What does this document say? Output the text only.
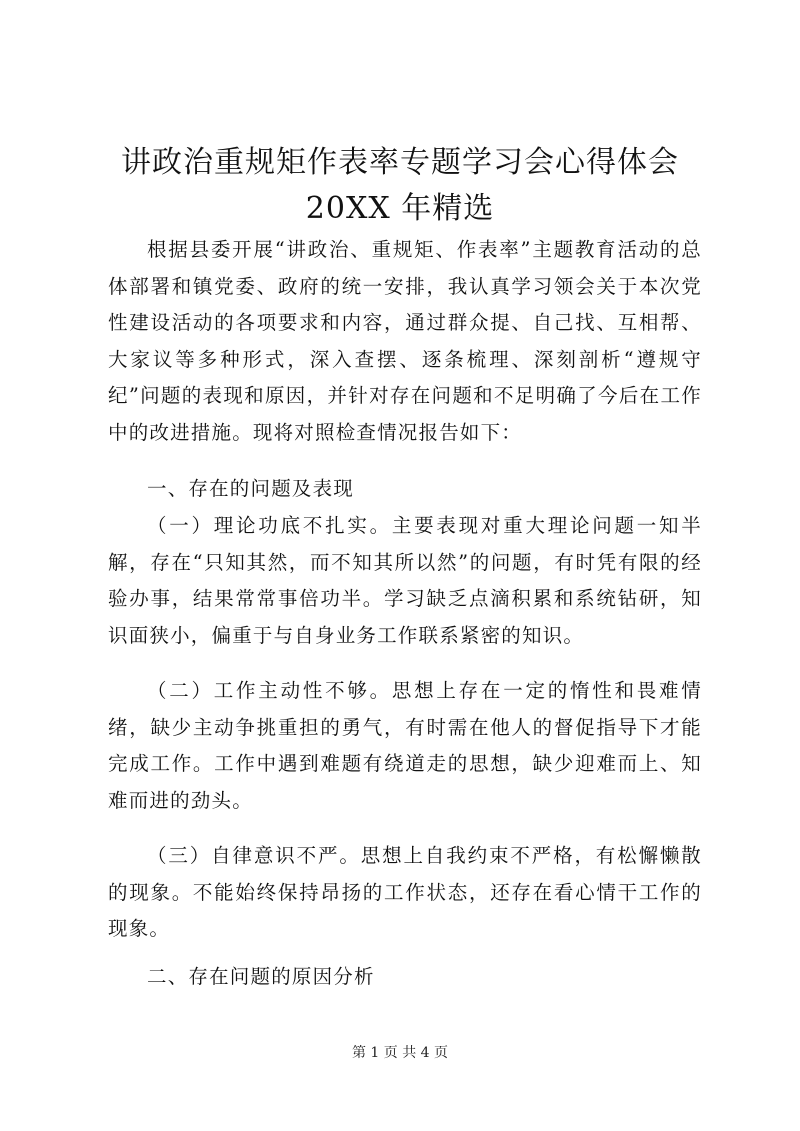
讲政治重规矩作表率专题学习会心得体会
20XX 年精选

根据县委开展“讲政治、重规矩、作表率”主题教育活动的总体部署和镇党委、政府的统一安排，我认真学习领会关于本次党性建设活动的各项要求和内容，通过群众提、自己找、互相帮、大家议等多种形式，深入查摆、逐条梳理、深刻剖析“遵规守纪”问题的表现和原因，并针对存在问题和不足明确了今后在工作中的改进措施。现将对照检查情况报告如下：

一、存在的问题及表现

（一）理论功底不扎实。主要表现对重大理论问题一知半解，存在“只知其然，而不知其所以然”的问题，有时凭有限的经验办事，结果常常事倍功半。学习缺乏点滴积累和系统钻研，知识面狭小，偏重于与自身业务工作联系紧密的知识。

（二）工作主动性不够。思想上存在一定的惰性和畏难情绪，缺少主动争挑重担的勇气，有时需在他人的督促指导下才能完成工作。工作中遇到难题有绕道走的思想，缺少迎难而上、知难而进的劲头。

（三）自律意识不严。思想上自我约束不严格，有松懈懒散的现象。不能始终保持昂扬的工作状态，还存在看心情干工作的现象。

二、存在问题的原因分析

第 1 页 共 4 页
